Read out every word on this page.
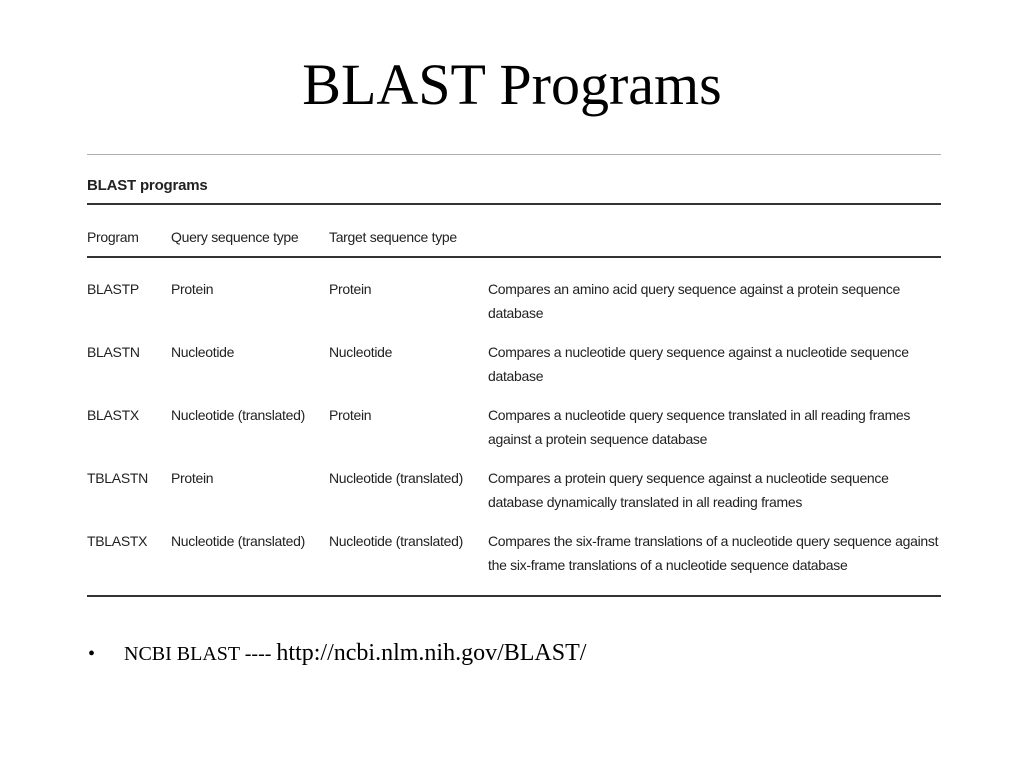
BLAST Programs
BLAST programs
Program	Query sequence type	Target sequence type	
BLASTP	Protein	Protein	Compares an amino acid query sequence against a protein sequence database
BLASTN	Nucleotide	Nucleotide	Compares a nucleotide query sequence against a nucleotide sequence database
BLASTX	Nucleotide (translated)	Protein	Compares a nucleotide query sequence translated in all reading frames against a protein sequence database
TBLASTN	Protein	Nucleotide (translated)	Compares a protein query sequence against a nucleotide sequence database dynamically translated in all reading frames
TBLASTX	Nucleotide (translated)	Nucleotide (translated)	Compares the six-frame translations of a nucleotide query sequence against the six-frame translations of a nucleotide sequence database
• NCBI BLAST ---- http://ncbi.nlm.nih.gov/BLAST/
